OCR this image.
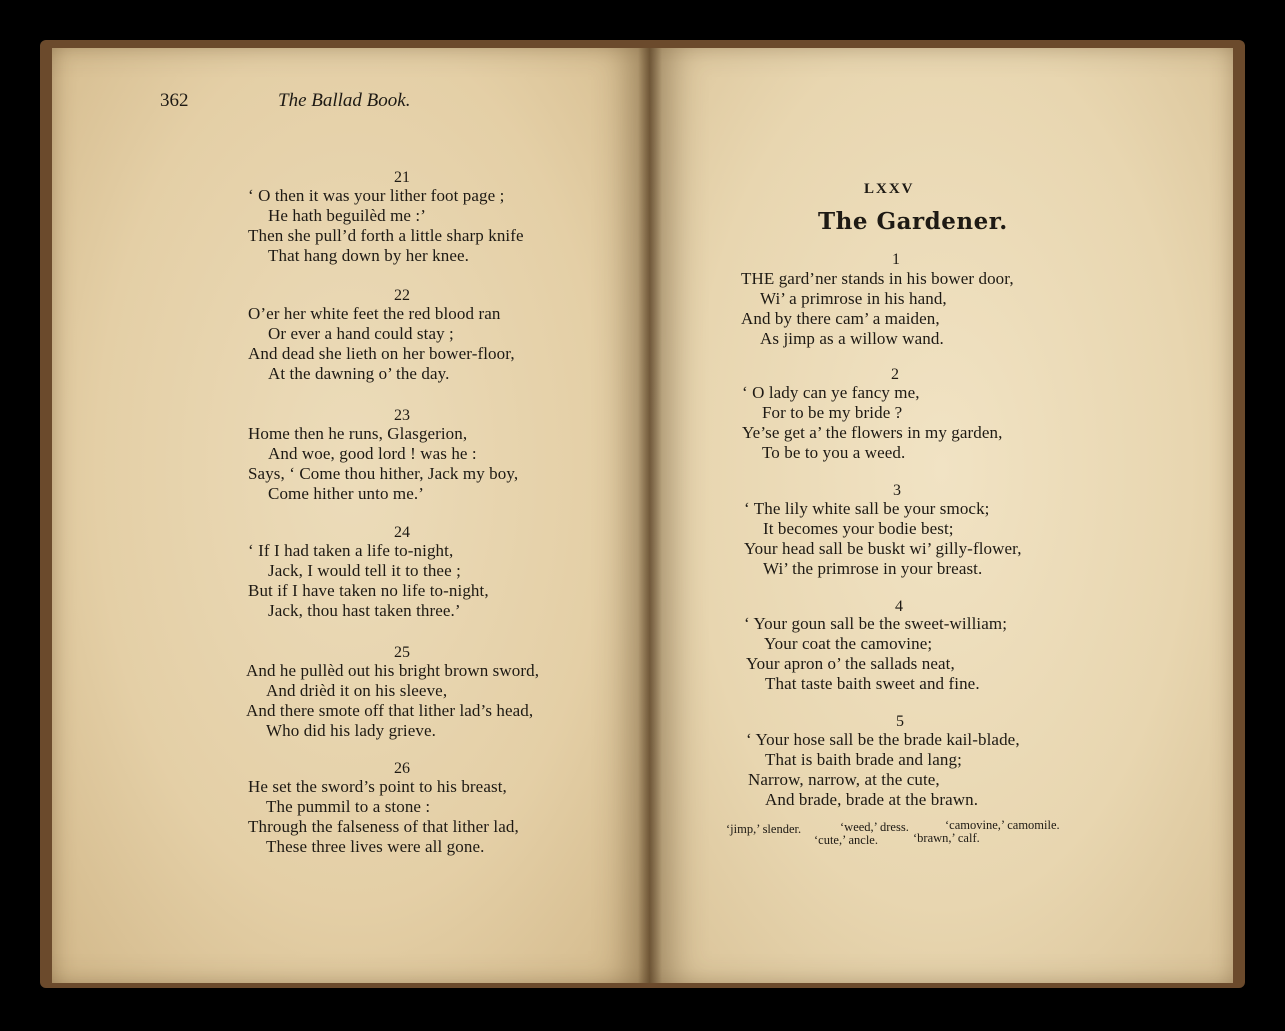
362	The Ballad Book.
21
‘ O then it was your lither foot page ;
He hath beguilèd me :’
Then she pull’d forth a little sharp knife
That hang down by her knee.
22
O’er her white feet the red blood ran
Or ever a hand could stay ;
And dead she lieth on her bower-floor,
At the dawning o’ the day.
23
Home then he runs, Glasgerion,
And woe, good lord ! was he :
Says, ‘ Come thou hither, Jack my boy,
Come hither unto me.’
24
‘ If I had taken a life to-night,
Jack, I would tell it to thee ;
But if I have taken no life to-night,
Jack, thou hast taken three.’
25
And he pullèd out his bright brown sword,
And drièd it on his sleeve,
And there smote off that lither lad’s head,
Who did his lady grieve.
26
He set the sword’s point to his breast,
The pummil to a stone :
Through the falseness of that lither lad,
These three lives were all gone.
LXXV
The Gardener.
1
THE gard’ner stands in his bower door,
Wi’ a primrose in his hand,
And by there cam’ a maiden,
As jimp as a willow wand.
2
‘ O lady can ye fancy me,
For to be my bride ?
Ye’se get a’ the flowers in my garden,
To be to you a weed.
3
‘ The lily white sall be your smock;
It becomes your bodie best;
Your head sall be buskt wi’ gilly-flower,
Wi’ the primrose in your breast.
4
‘ Your goun sall be the sweet-william;
Your coat the camovine;
Your apron o’ the sallads neat,
That taste baith sweet and fine.
5
‘ Your hose sall be the brade kail-blade,
That is baith brade and lang;
Narrow, narrow, at the cute,
And brade, brade at the brawn.
‘jimp,’ slender.	‘weed,’ dress.	‘camovine,’ camomile.
‘cute,’ ancle.	‘brawn,’ calf.
